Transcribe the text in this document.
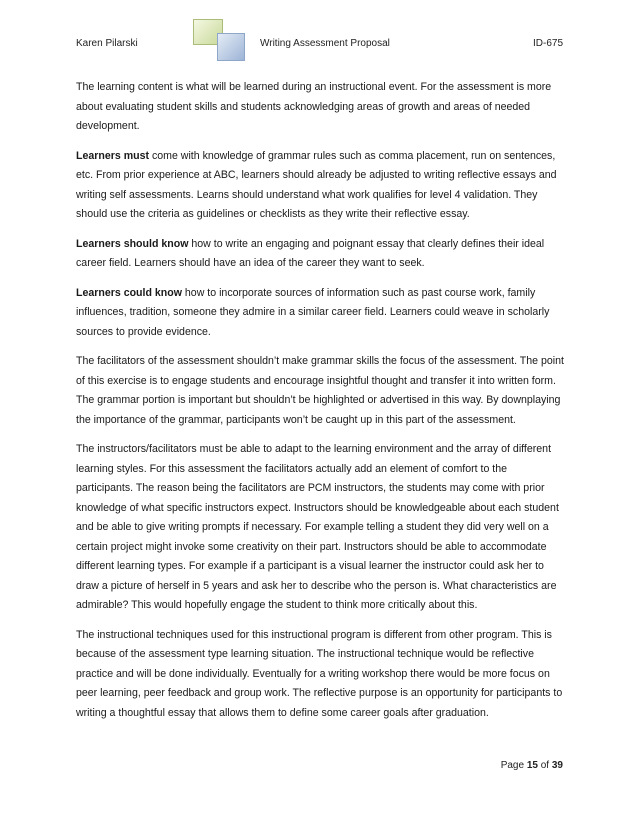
Karen Pilarski	Writing Assessment Proposal	ID-675

The learning content is what will be learned during an instructional event. For the assessment is more about evaluating student skills and students acknowledging areas of growth and areas of needed development.

Learners must come with knowledge of grammar rules such as comma placement, run on sentences, etc. From prior experience at ABC, learners should already be adjusted to writing reflective essays and writing self assessments. Learns should understand what work qualifies for level 4 validation. They should use the criteria as guidelines or checklists as they write their reflective essay.

Learners should know how to write an engaging and poignant essay that clearly defines their ideal career field. Learners should have an idea of the career they want to seek.

Learners could know how to incorporate sources of information such as past course work, family influences, tradition, someone they admire in a similar career field. Learners could weave in scholarly sources to provide evidence.

The facilitators of the assessment shouldn’t make grammar skills the focus of the assessment. The point of this exercise is to engage students and encourage insightful thought and transfer it into written form. The grammar portion is important but shouldn’t be highlighted or advertised in this way. By downplaying the importance of the grammar, participants won’t be caught up in this part of the assessment.

The instructors/facilitators must be able to adapt to the learning environment and the array of different learning styles. For this assessment the facilitators actually add an element of comfort to the participants. The reason being the facilitators are PCM instructors, the students may come with prior knowledge of what specific instructors expect. Instructors should be knowledgeable about each student and be able to give writing prompts if necessary. For example telling a student they did very well on a certain project might invoke some creativity on their part. Instructors should be able to accommodate different learning types. For example if a participant is a visual learner the instructor could ask her to draw a picture of herself in 5 years and ask her to describe who the person is. What characteristics are admirable? This would hopefully engage the student to think more critically about this.

The instructional techniques used for this instructional program is different from other program. This is because of the assessment type learning situation. The instructional technique would be reflective practice and will be done individually. Eventually for a writing workshop there would be more focus on peer learning, peer feedback and group work. The reflective purpose is an opportunity for participants to writing a thoughtful essay that allows them to define some career goals after graduation.

Page 15 of 39
